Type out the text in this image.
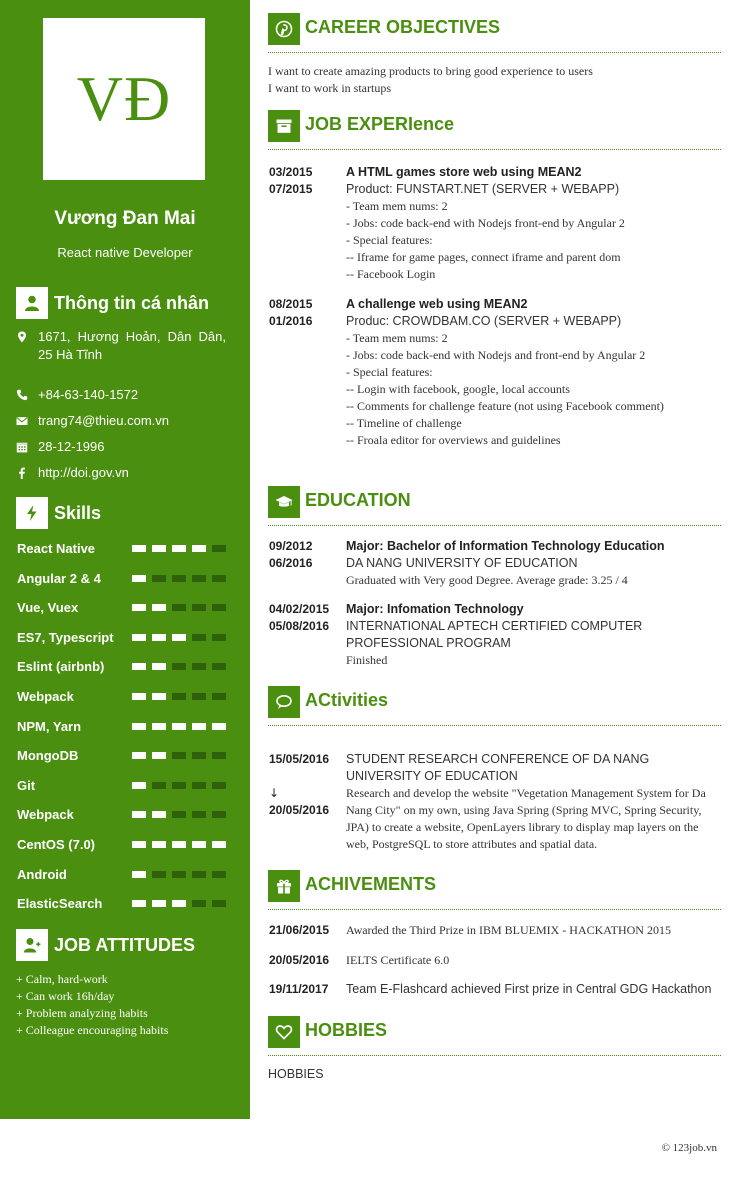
VĐ
Vương Đan Mai
React native Developer
Thông tin cá nhân
1671, Hương Hoản, Dân Dân, 25 Hà Tĩnh
+84-63-140-1572
trang74@thieu.com.vn
28-12-1996
http://doi.gov.vn
Skills
React Native
Angular 2 & 4
Vue, Vuex
ES7, Typescript
Eslint (airbnb)
Webpack
NPM, Yarn
MongoDB
Git
Webpack
CentOS (7.0)
Android
ElasticSearch
JOB ATTITUDES
+ Calm, hard-work
+ Can work 16h/day
+ Problem analyzing habits
+ Colleague encouraging habits
CAREER OBJECTIVES
I want to create amazing products to bring good experience to users
I want to work in startups
JOB EXPERIence
03/2015
07/2015
A HTML games store web using MEAN2
Product: FUNSTART.NET (SERVER + WEBAPP)
- Team mem nums: 2
- Jobs: code back-end with Nodejs front-end by Angular 2
- Special features:
-- Iframe for game pages, connect iframe and parent dom
-- Facebook Login
08/2015
01/2016
A challenge web using MEAN2
Produc: CROWDBAM.CO (SERVER + WEBAPP)
- Team mem nums: 2
- Jobs: code back-end with Nodejs and front-end by Angular 2
- Special features:
-- Login with facebook, google, local accounts
-- Comments for challenge feature (not using Facebook comment)
-- Timeline of challenge
-- Froala editor for overviews and guidelines
EDUCATION
09/2012
06/2016
Major: Bachelor of Information Technology Education
DA NANG UNIVERSITY OF EDUCATION
Graduated with Very good Degree. Average grade: 3.25 / 4
04/02/2015
05/08/2016
Major: Infomation Technology
INTERNATIONAL APTECH CERTIFIED COMPUTER PROFESSIONAL PROGRAM
Finished
ACtivities
15/05/2016
↓
20/05/2016
STUDENT RESEARCH CONFERENCE OF DA NANG UNIVERSITY OF EDUCATION
Research and develop the website "Vegetation Management System for Da Nang City" on my own, using Java Spring (Spring MVC, Spring Security, JPA) to create a website, OpenLayers library to display map layers on the web, PostgreSQL to store attributes and spatial data.
ACHIVEMENTS
21/06/2015 Awarded the Third Prize in IBM BLUEMIX - HACKATHON 2015
20/05/2016 IELTS Certificate 6.0
19/11/2017 Team E-Flashcard achieved First prize in Central GDG Hackathon
HOBBIES
HOBBIES
© 123job.vn
